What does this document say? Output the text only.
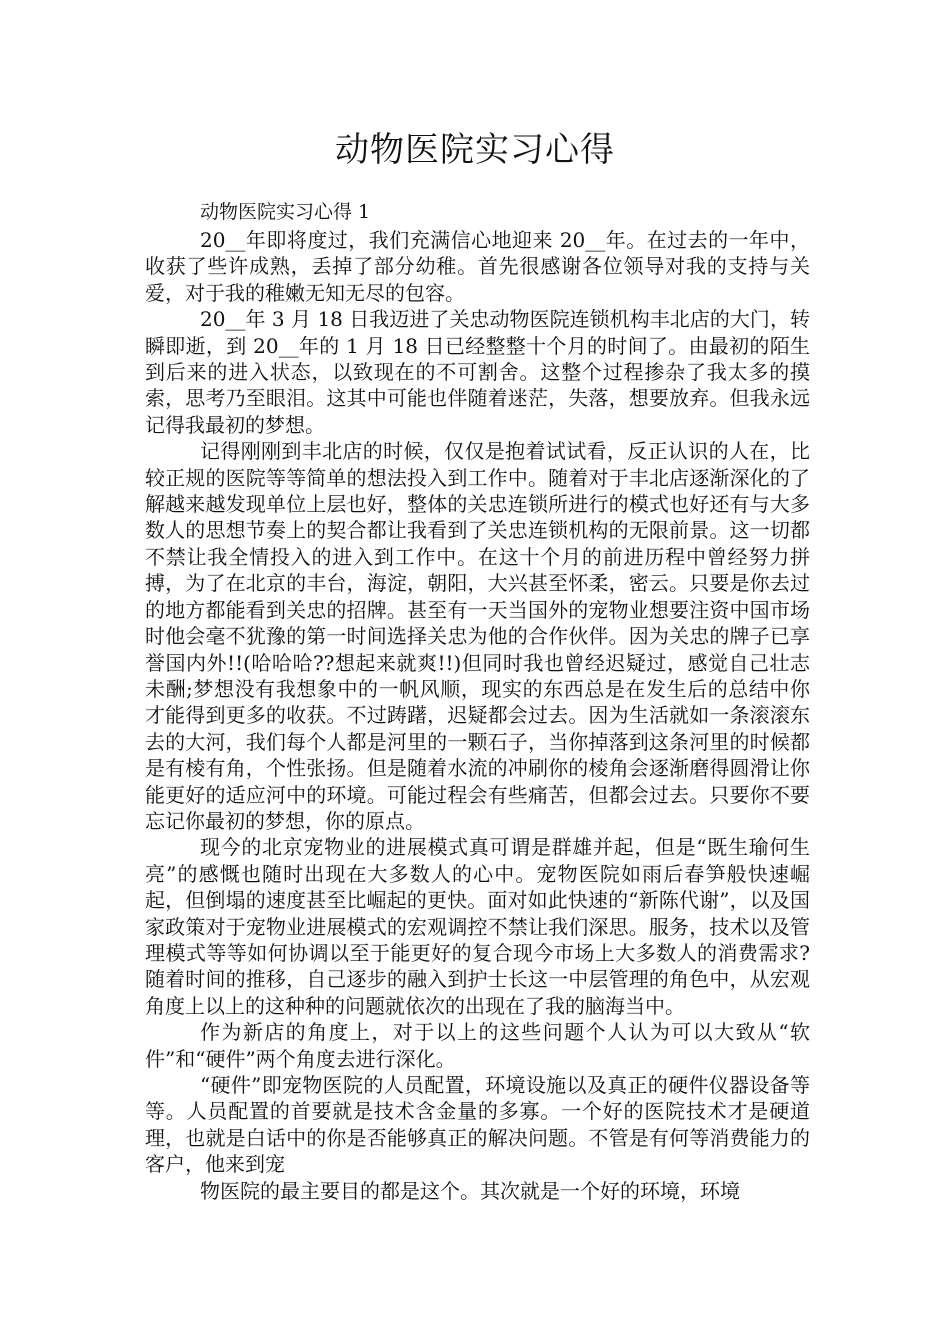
动物医院实习心得
动物医院实习心得 1

20__年即将度过，我们充满信心地迎来 20__年。在过去的一年中，收获了些许成熟，丢掉了部分幼稚。首先很感谢各位领导对我的支持与关爱，对于我的稚嫩无知无尽的包容。

20__年 3 月 18 日我迈进了关忠动物医院连锁机构丰北店的大门，转瞬即逝，到 20__年的 1 月 18 日已经整整十个月的时间了。由最初的陌生到后来的进入状态，以致现在的不可割舍。这整个过程掺杂了我太多的摸索，思考乃至眼泪。这其中可能也伴随着迷茫，失落，想要放弃。但我永远记得我最初的梦想。

记得刚刚到丰北店的时候，仅仅是抱着试试看，反正认识的人在，比较正规的医院等等简单的想法投入到工作中。随着对于丰北店逐渐深化的了解越来越发现单位上层也好，整体的关忠连锁所进行的模式也好还有与大多数人的思想节奏上的契合都让我看到了关忠连锁机构的无限前景。这一切都不禁让我全情投入的进入到工作中。在这十个月的前进历程中曾经努力拼搏，为了在北京的丰台，海淀，朝阳，大兴甚至怀柔，密云。只要是你去过的地方都能看到关忠的招牌。甚至有一天当国外的宠物业想要注资中国市场时他会毫不犹豫的第一时间选择关忠为他的合作伙伴。因为关忠的牌子已享誉国内外!!(哈哈哈??想起来就爽!!)但同时我也曾经迟疑过，感觉自己壮志未酬;梦想没有我想象中的一帆风顺，现实的东西总是在发生后的总结中你才能得到更多的收获。不过踌躇，迟疑都会过去。因为生活就如一条滚滚东去的大河，我们每个人都是河里的一颗石子，当你掉落到这条河里的时候都是有棱有角，个性张扬。但是随着水流的冲刷你的棱角会逐渐磨得圆滑让你能更好的适应河中的环境。可能过程会有些痛苦，但都会过去。只要你不要忘记你最初的梦想，你的原点。

现今的北京宠物业的进展模式真可谓是群雄并起，但是“既生瑜何生亮”的感慨也随时出现在大多数人的心中。宠物医院如雨后春笋般快速崛起，但倒塌的速度甚至比崛起的更快。面对如此快速的“新陈代谢”，以及国家政策对于宠物业进展模式的宏观调控不禁让我们深思。服务，技术以及管理模式等等如何协调以至于能更好的复合现今市场上大多数人的消费需求?随着时间的推移，自己逐步的融入到护士长这一中层管理的角色中，从宏观角度上以上的这种种的问题就依次的出现在了我的脑海当中。

作为新店的角度上，对于以上的这些问题个人认为可以大致从“软件”和“硬件”两个角度去进行深化。

“硬件”即宠物医院的人员配置，环境设施以及真正的硬件仪器设备等等。人员配置的首要就是技术含金量的多寡。一个好的医院技术才是硬道理，也就是白话中的你是否能够真正的解决问题。不管是有何等消费能力的客户，他来到宠

物医院的最主要目的都是这个。其次就是一个好的环境，环境
